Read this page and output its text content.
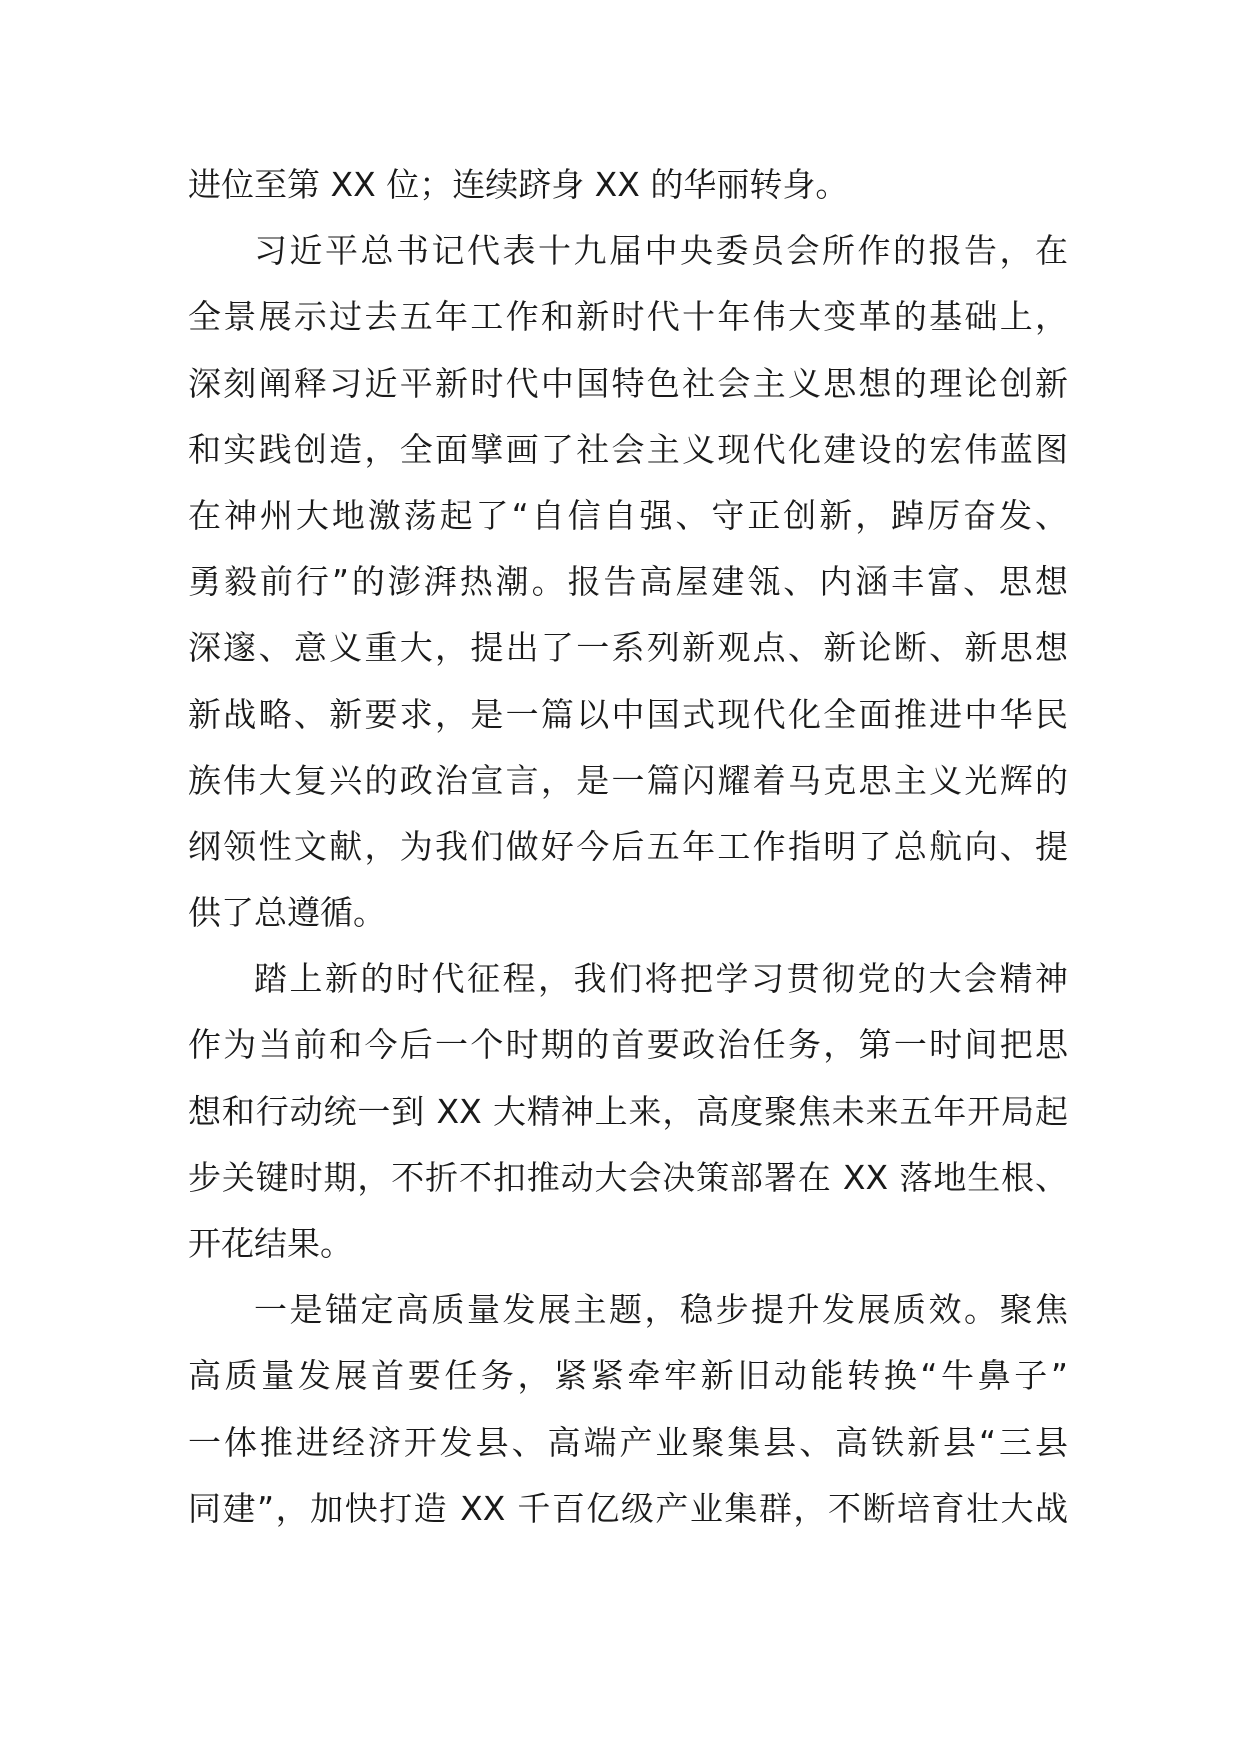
进位至第 XX 位；连续跻身 XX 的华丽转身。
习近平总书记代表十九届中央委员会所作的报告，在
全景展示过去五年工作和新时代十年伟大变革的基础上，
深刻阐释习近平新时代中国特色社会主义思想的理论创新
和实践创造，全面擘画了社会主义现代化建设的宏伟蓝图
在神州大地激荡起了“自信自强、守正创新，踔厉奋发、
勇毅前行”的澎湃热潮。报告高屋建瓴、内涵丰富、思想
深邃、意义重大，提出了一系列新观点、新论断、新思想
新战略、新要求，是一篇以中国式现代化全面推进中华民
族伟大复兴的政治宣言，是一篇闪耀着马克思主义光辉的
纲领性文献，为我们做好今后五年工作指明了总航向、提
供了总遵循。
踏上新的时代征程，我们将把学习贯彻党的大会精神
作为当前和今后一个时期的首要政治任务，第一时间把思
想和行动统一到 XX 大精神上来，高度聚焦未来五年开局起
步关键时期，不折不扣推动大会决策部署在 XX 落地生根、
开花结果。
一是锚定高质量发展主题，稳步提升发展质效。聚焦
高质量发展首要任务，紧紧牵牢新旧动能转换“牛鼻子”
一体推进经济开发县、高端产业聚集县、高铁新县“三县
同建”，加快打造 XX 千百亿级产业集群，不断培育壮大战
